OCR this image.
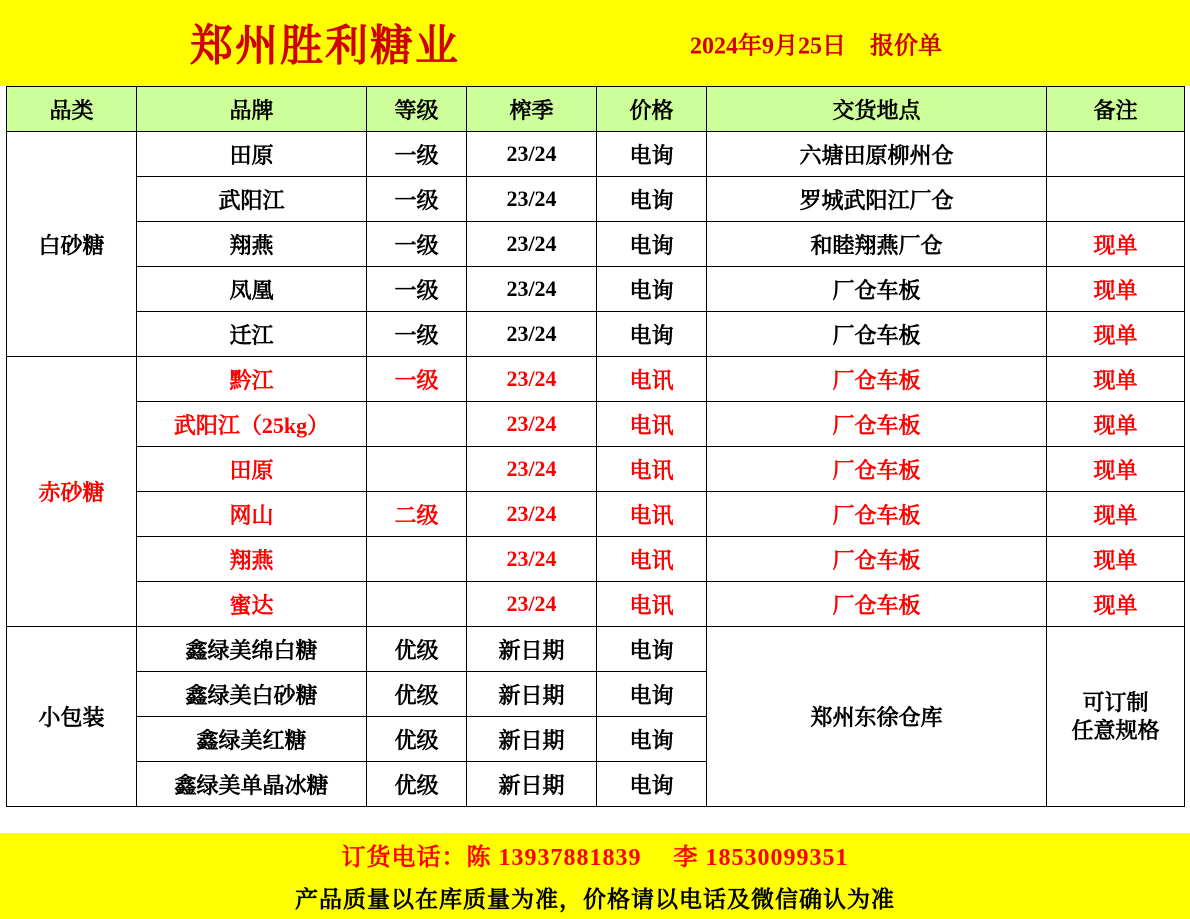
郑州胜利糖业	2024年9月25日　报价单
品类	品牌	等级	榨季	价格	交货地点	备注
白砂糖	田原	一级	23/24	电询	六塘田原柳州仓	
	武阳江	一级	23/24	电询	罗城武阳江厂仓	
	翔燕	一级	23/24	电询	和睦翔燕厂仓	现单
	凤凰	一级	23/24	电询	厂仓车板	现单
	迁江	一级	23/24	电询	厂仓车板	现单
赤砂糖	黔江	一级	23/24	电讯	厂仓车板	现单
	武阳江（25kg）		23/24	电讯	厂仓车板	现单
	田原		23/24	电讯	厂仓车板	现单
	网山	二级	23/24	电讯	厂仓车板	现单
	翔燕		23/24	电讯	厂仓车板	现单
	蜜达		23/24	电讯	厂仓车板	现单
小包装	鑫绿美绵白糖	优级	新日期	电询	郑州东徐仓库	可订制
任意规格

	鑫绿美白砂糖	优级	新日期	电询		
	鑫绿美红糖	优级	新日期	电询		
	鑫绿美单晶冰糖	优级	新日期	电询		
订货电话：陈 13937881839　 李 18530099351
产品质量以在库质量为准，价格请以电话及微信确认为准
